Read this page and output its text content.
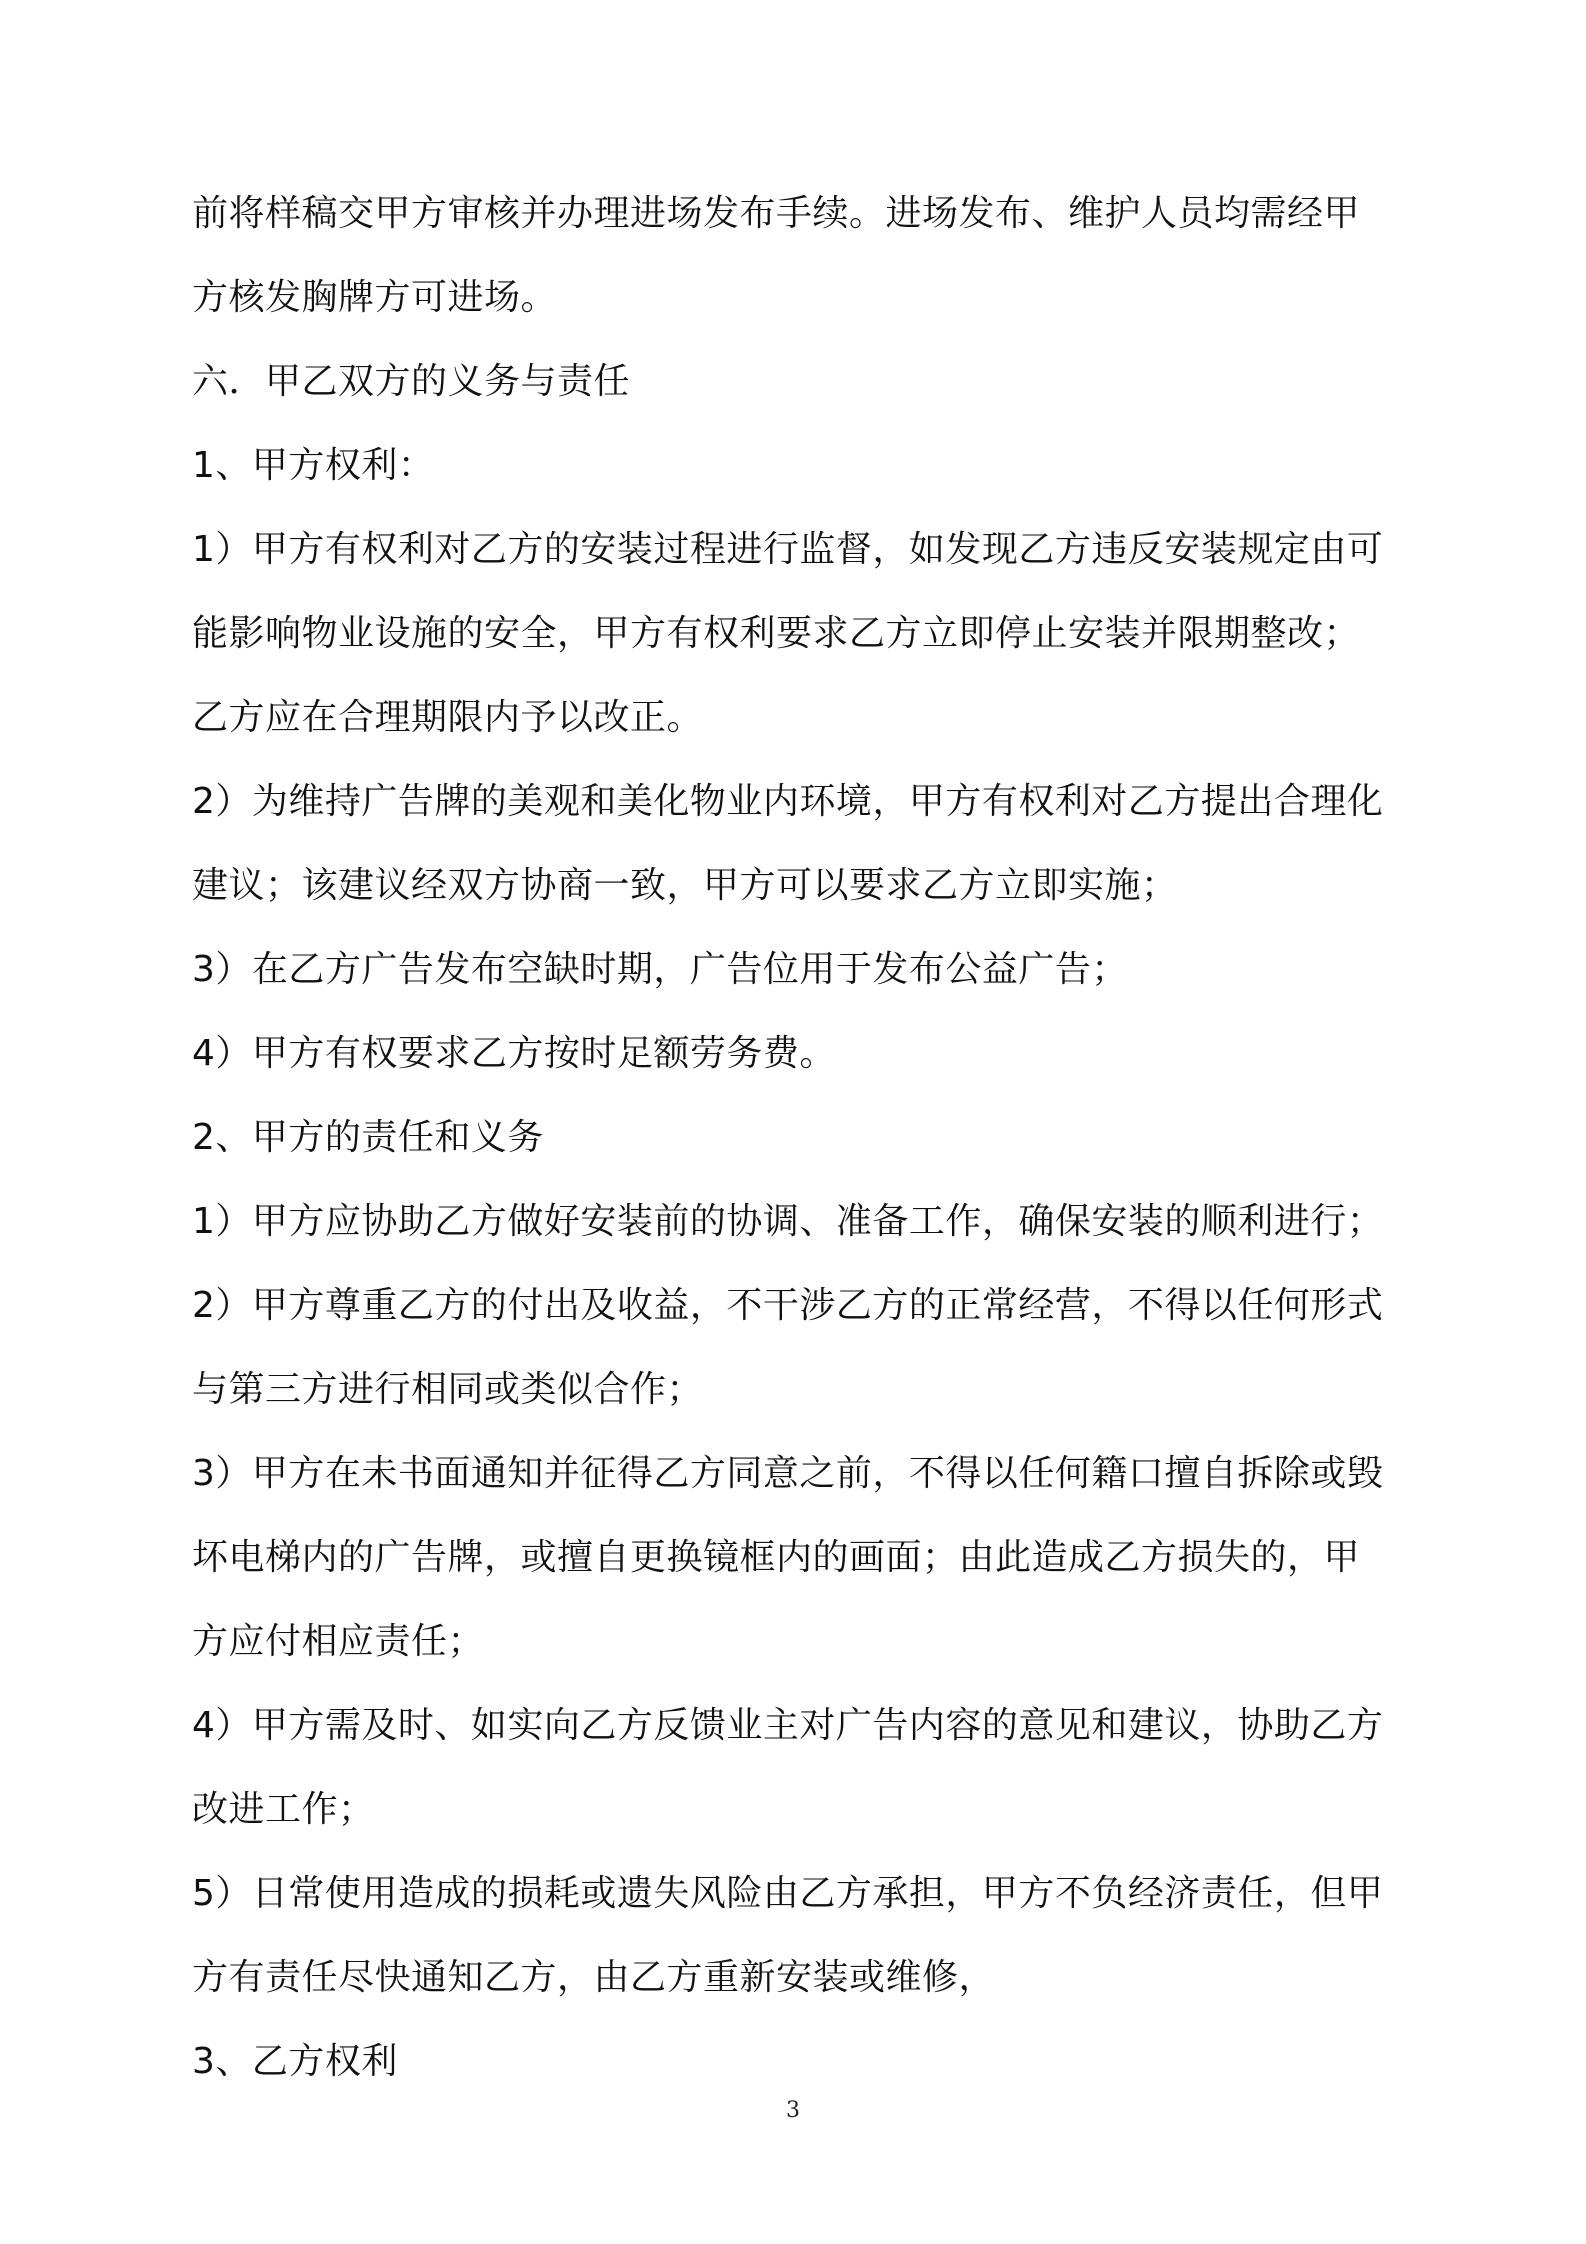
前将样稿交甲方审核并办理进场发布手续。进场发布、维护人员均需经甲
方核发胸牌方可进场。
六．甲乙双方的义务与责任
1、甲方权利：
1）甲方有权利对乙方的安装过程进行监督，如发现乙方违反安装规定由可
能影响物业设施的安全，甲方有权利要求乙方立即停止安装并限期整改；
乙方应在合理期限内予以改正。
2）为维持广告牌的美观和美化物业内环境，甲方有权利对乙方提出合理化
建议；该建议经双方协商一致，甲方可以要求乙方立即实施；
3）在乙方广告发布空缺时期，广告位用于发布公益广告；
4）甲方有权要求乙方按时足额劳务费。
2、甲方的责任和义务
1）甲方应协助乙方做好安装前的协调、准备工作，确保安装的顺利进行；
2）甲方尊重乙方的付出及收益，不干涉乙方的正常经营，不得以任何形式
与第三方进行相同或类似合作；
3）甲方在未书面通知并征得乙方同意之前，不得以任何籍口擅自拆除或毁
坏电梯内的广告牌，或擅自更换镜框内的画面；由此造成乙方损失的，甲
方应付相应责任；
4）甲方需及时、如实向乙方反馈业主对广告内容的意见和建议，协助乙方
改进工作；
5）日常使用造成的损耗或遗失风险由乙方承担，甲方不负经济责任，但甲
方有责任尽快通知乙方，由乙方重新安装或维修，
3、乙方权利
3
